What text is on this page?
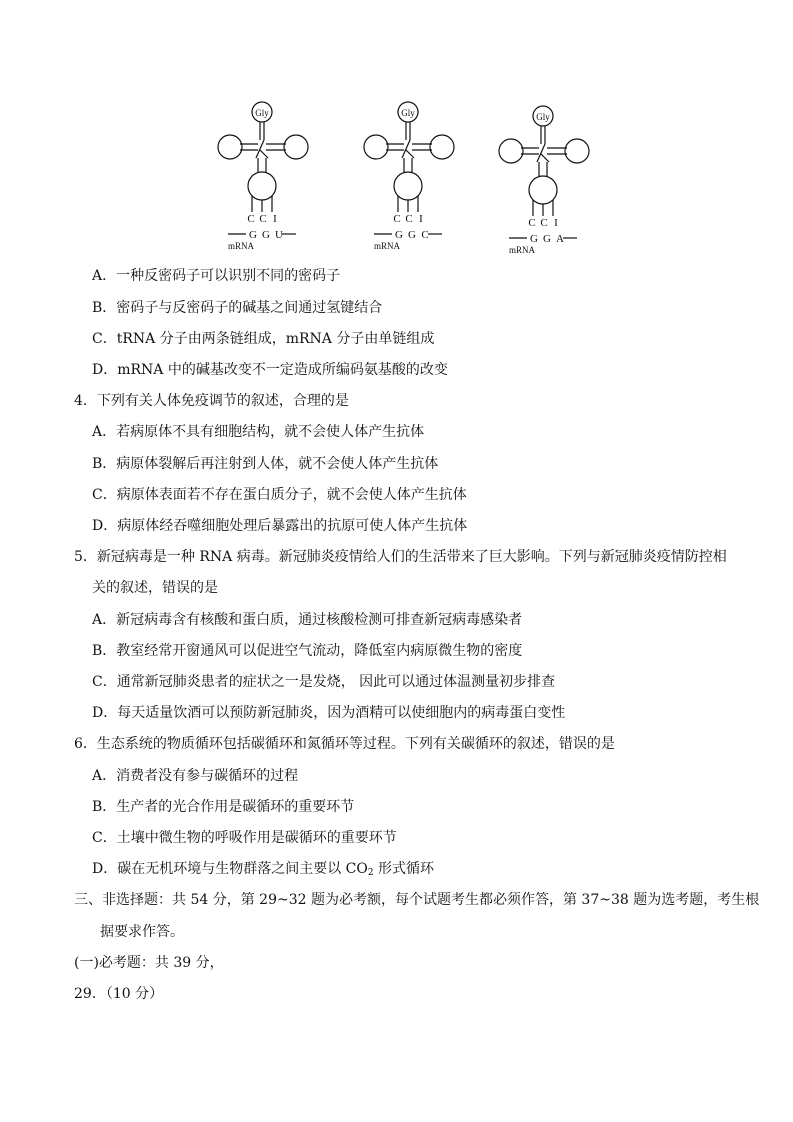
Gly
C C I
G G U
mRNA
Gly
C C I
G G C
mRNA
Gly
C C I
G G A
mRNA
A．一种反密码子可以识别不同的密码子
B．密码子与反密码子的碱基之间通过氢键结合
C．tRNA 分子由两条链组成，mRNA 分子由单链组成
D．mRNA 中的碱基改变不一定造成所编码氨基酸的改变
4．下列有关人体免疫调节的叙述，合理的是
A．若病原体不具有细胞结构，就不会使人体产生抗体
B．病原体裂解后再注射到人体，就不会使人体产生抗体
C．病原体表面若不存在蛋白质分子，就不会使人体产生抗体
D．病原体经吞噬细胞处理后暴露出的抗原可使人体产生抗体
5．新冠病毒是一种 RNA 病毒。新冠肺炎疫情给人们的生活带来了巨大影响。下列与新冠肺炎疫情防控相
关的叙述，错误的是
A．新冠病毒含有核酸和蛋白质，通过核酸检测可排查新冠病毒感染者
B．教室经常开窗通风可以促进空气流动，降低室内病原微生物的密度
C．通常新冠肺炎患者的症状之一是发烧， 因此可以通过体温测量初步排查
D．每天适量饮酒可以预防新冠肺炎，因为酒精可以使细胞内的病毒蛋白变性
6．生态系统的物质循环包括碳循环和氮循环等过程。下列有关碳循环的叙述，错误的是
A．消费者没有参与碳循环的过程
B．生产者的光合作用是碳循环的重要环节
C．土壤中微生物的呼吸作用是碳循环的重要环节
D．碳在无机环境与生物群落之间主要以 $CO_2$ 形式循环
三、非选择题：共 54 分，第 29~32 题为必考额，每个试题考生都必须作答，第 37~38 题为选考题，考生根
据要求作答。
(一)必考题：共 39 分，
29．（10 分）
